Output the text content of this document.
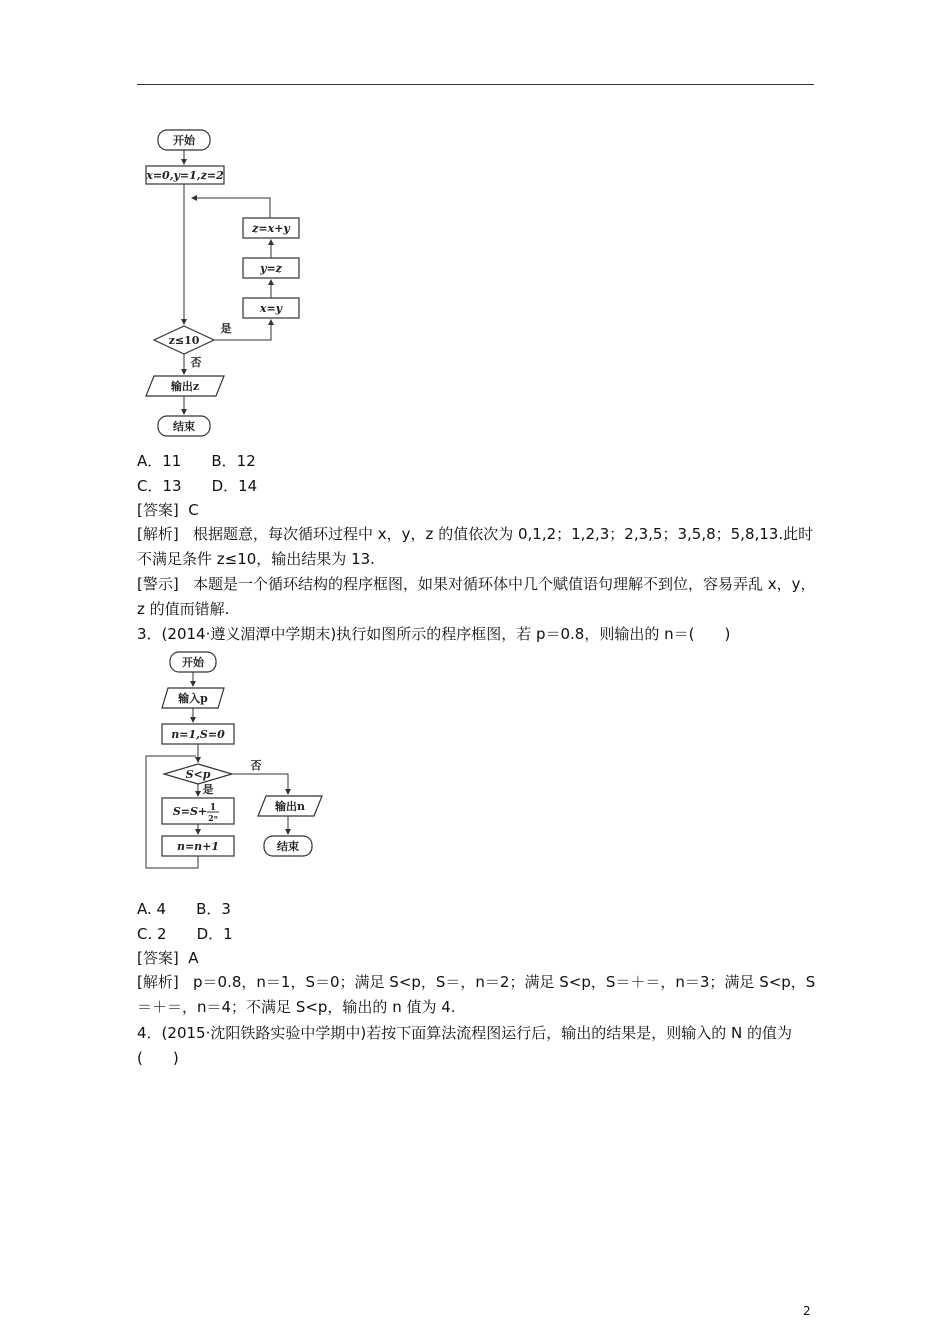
开始
x=0,y=1,z=2
z=x+y
y=z
x=y
z≤10
是
否
输出z
结束
A．11 B．12
C．13 D．14
[答案] C
[解析] 根据题意，每次循环过程中 x，y，z 的值依次为 0,1,2；1,2,3；2,3,5；3,5,8；5,8,13.此时不满足条件 z≤10，输出结果为 13.
[警示] 本题是一个循环结构的程序框图，如果对循环体中几个赋值语句理解不到位，容易弄乱 x，y，z 的值而错解.
3．(2014·遵义湄潭中学期末)执行如图所示的程序框图，若 p＝0.8，则输出的 n＝(　　)
开始
输入p
n=1,S=0
S<p
否
是
S=S+ 1
2ⁿ
n=n+1
输出n
结束
A. 4 B．3
C. 2 D．1
[答案] A
[解析] p＝0.8，n＝1，S＝0；满足 S<p，S＝，n＝2；满足 S<p，S＝＋＝，n＝3；满足 S<p，S＝＋＝，n＝4；不满足 S<p，输出的 n 值为 4.
4．(2015·沈阳铁路实验中学期中)若按下面算法流程图运行后，输出的结果是，则输入的 N 的值为(　　)
2
